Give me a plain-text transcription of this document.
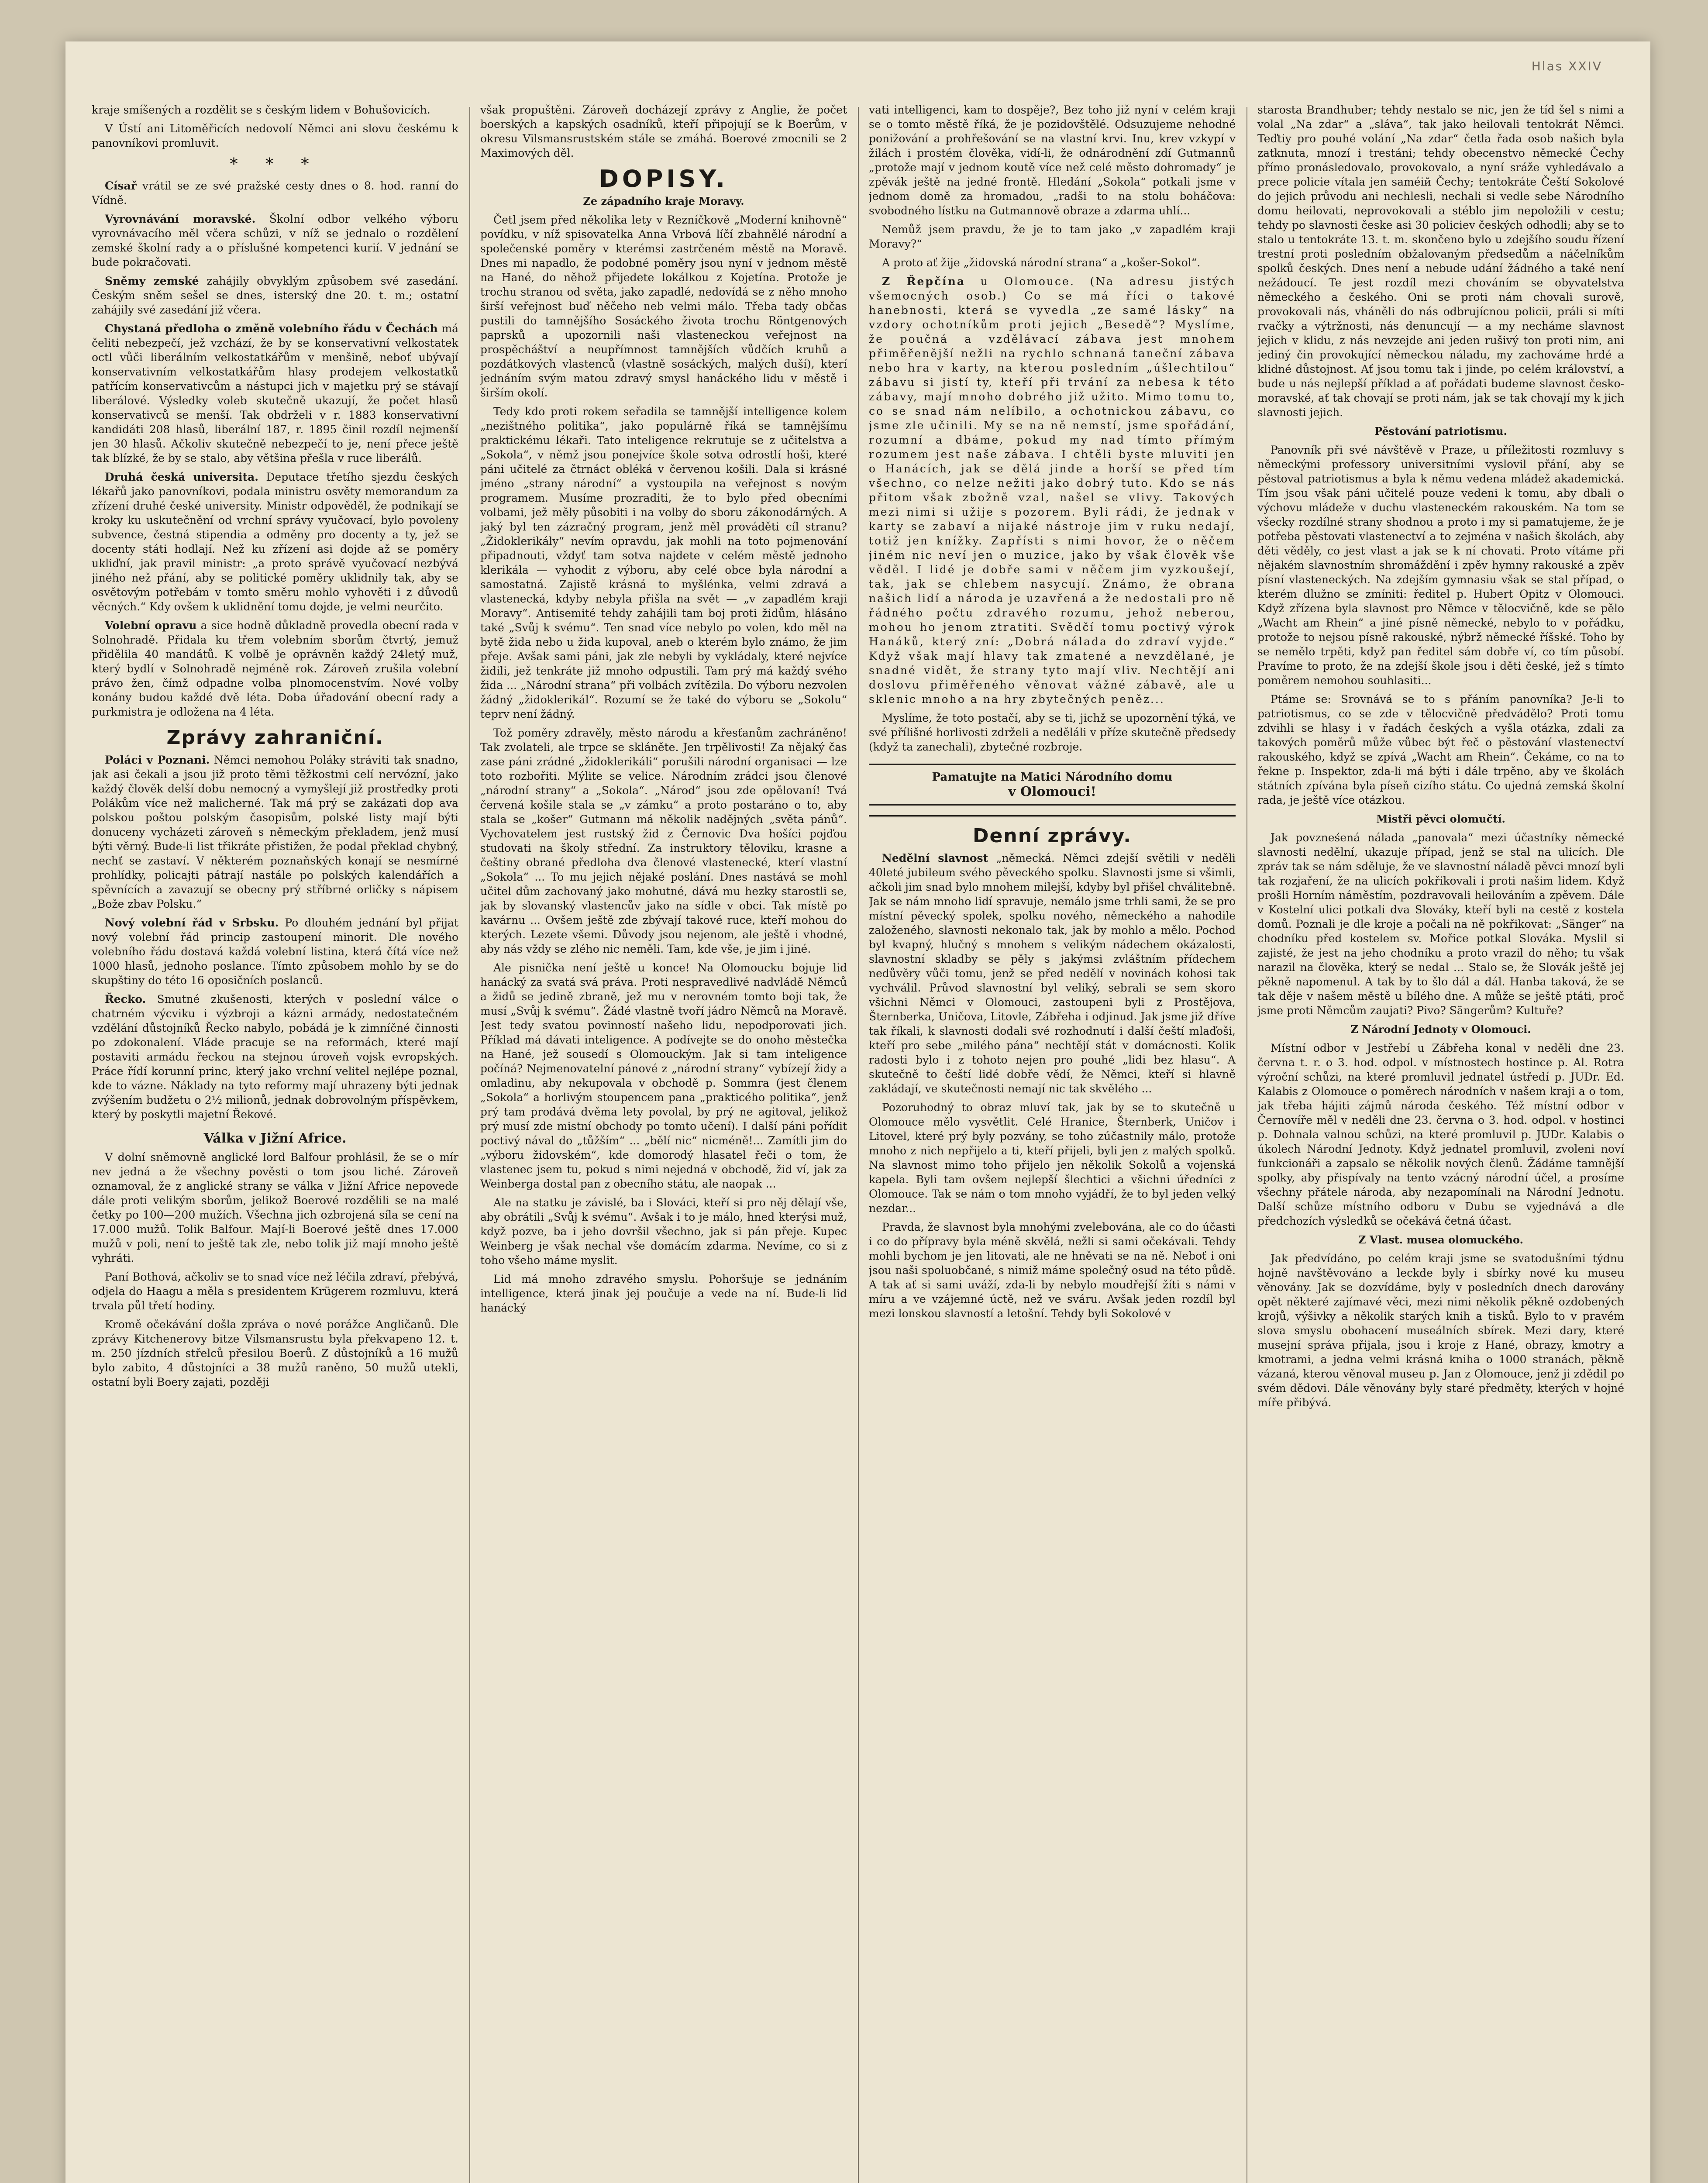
Hlas XXIV

kraje smíšených a rozdělit se s českým lidem v Bohušovicích.

V Ústí ani Litoměřicích nedovolí Němci ani slovu českému k panovníkovi promluvit.

* * *

Císař vrátil se ze své pražské cesty dnes o 8. hod. ranní do Vídně.

Vyrovnávání moravské. Školní odbor velkého výboru vyrovnávacího měl včera schůzi, v níž se jednalo o rozdělení zemské školní rady a o příslušné kompetenci kurií. V jednání se bude pokračovati.

Sněmy zemské zahájily obvyklým způsobem své zasedání. Českým sněm sešel se dnes, isterský dne 20. t. m.; ostatní zahájily své zasedání již včera.

Chystaná předloha o změně volebního řádu v Čechách má čeliti nebezpečí, jež vzchází, že by se konservativní velkostatek octl vůči liberálním velkostatkářům v menšině, neboť ubývají konservativním velkostatkářům hlasy prodejem velkostatků patřícím konservativcům a nástupci jich v majetku prý se stávají liberálové. Výsledky voleb skutečně ukazují, že počet hlasů konservativců se menší. Tak obdrželi v r. 1883 konservativní kandidáti 208 hlasů, liberální 187, r. 1895 činil rozdíl nejmenší jen 30 hlasů. Ačkoliv skutečně nebezpečí to je, není přece ještě tak blízké, že by se stalo, aby většina přešla v ruce liberálů.

Druhá česká universita. Deputace třetího sjezdu českých lékařů jako panovníkovi, podala ministru osvěty memorandum za zřízení druhé české university. Ministr odpověděl, že podnikají se kroky ku uskutečnění od vrchní správy vyučovací, bylo povoleny subvence, čestná stipendia a odměny pro docenty a ty, jež se docenty státi hodlají. Než ku zřízení asi dojde až se poměry ukliďní, jak pravil ministr: „a proto správě vyučovací nezbývá jiného než přání, aby se politické poměry uklidnily tak, aby se osvětovým potřebám v tomto směru mohlo vyhověti i z důvodů věcných.“ Kdy ovšem k uklidnění tomu dojde, je velmi neurčito.

Volební opravu a sice hodně důkladně provedla obecní rada v Solnohradě. Přidala ku třem volebním sborům čtvrtý, jemuž přidělila 40 mandátů. K volbě je oprávněn každý 24letý muž, který bydlí v Solnohradě nejméně rok. Zároveň zrušila volební právo žen, čímž odpadne volba plnomocenstvím. Nové volby konány budou každé dvě léta. Doba úřadování obecní rady a purkmistra je odložena na 4 léta.

Zprávy zahraniční.

Poláci v Poznani. Němci nemohou Polákу stráviti tak snadno, jak asi čekali a jsou již proto těmi těžkostmi celí nervózní, jako každý člověk delší dobu nemocný a vymyšlejí již prostředky proti Polákům více než malicherné. Tak má prý se zakázati dop ava polskou poštou polským časopisům, polské listy mají býti donuceny vycházeti zároveň s německým překladem, jenž musí býti věrný. Bude-li list třikráte přistižen, že podal překlad chybný, nechť se zastaví. V některém poznaňských konají se nesmírné prohlídky, policajti pátrají nastále po polských kalendářích a spěvnících a zavazují se obecny prý stříbrné orličky s nápisem „Bože zbav Polsku.“

Nový volební řád v Srbsku. Po dlouhém jednání byl přijat nový volební řád princip zastoupení minorit. Dle nového volebního řádu dostavá každá volební listina, která čítá více než 1000 hlasů, jednoho poslance. Tímto způsobem mohlo by se do skupštiny do této 16 oposičních poslanců.

Řecko. Smutné zkušenosti, kterých v poslední válce o chatrném výcviku i výzbroji a kázni armády, nedostatečném vzdělání důstojníků Řecko nabylo, pobádá je k zimníčné činnosti po zdokonalení. Vláde pracuje se na reformách, které mají postaviti armádu řeckou na stejnou úroveň vojsk evropských. Práce řídí korunní princ, který jako vrchní velitel nejlépe poznal, kde to vázne. Náklady na tyto reformy mají uhrazeny býti jednak zvýšením budžetu o 2½ milionů, jednak dobrovolným příspěvkem, který by poskytli majetní Řekové.

Válka v Jižní Africe.

V dolní sněmovně anglické lord Balfour prohlásil, že se o mír nev jedná a že všechny pověsti o tom jsou liché. Zároveň oznamoval, že z anglické strany se válka v Jižní Africe nepovede dále proti velikým sborům, jelikož Boerové rozdělili se na malé četky po 100—200 mužích. Všechna jich ozbrojená síla se cení na 17.000 mužů. Tolik Balfour. Mají-li Boerové ještě dnes 17.000 mužů v poli, není to ještě tak zle, nebo tolik již mají mnoho ještě vyhráti.

Paní Bothová, ačkoliv se to snad více než léčila zdraví, přebývá, odjela do Haagu a měla s presidentem Krügerem rozmluvu, která trvala půl třetí hodiny.

Kromě očekávání došla zpráva o nové porážce Angličanů. Dle zprávy Kitchenerovy bitze Vilsmansrustu byla překvapeno 12. t. m. 250 jízdních střelců přesilou Boerů. Z důstojníků a 16 mužů bylo zabito, 4 důstojníci a 38 mužů raněno, 50 mužů utekli, ostatní byli Boery zajati, později

však propuštěni. Zároveň docházejí zprávy z Anglie, že počet boerských a kapských osadníků, kteří připojují se k Boerům, v okresu Vilsmansrustském stále se zmáhá. Boerové zmocnili se 2 Maximových děl.

DOPISY.
Ze západního kraje Moravy.

Četl jsem před několika lety v Rezníčkově „Moderní knihovně“ povídku, v níž spisovatelka Anna Vrbová líčí zbahnělé národní a společenské poměry v kterémsi zastrčeném městě na Moravě. Dnes mi napadlo, že podobné poměry jsou nyní v jednom městě na Hané, do něhož přijedete lokálkou z Kojetína. Protože je trochu stranou od světa, jako zapadlé, nedovídá se z něho mnoho širší veřejnost buď něčeho neb velmi málo. Třeba tady občas pustili do tamnějšího Sosáckého života trochu Röntgenových paprsků a upozornili naši vlasteneckou veřejnost na prospěcháštví a neupřímnost tamnějších vůdčích kruhů a pozdátkových vlastenců (vlastně sosáckých, malých duší), kterí jednáním svým matou zdravý smysl hanáckého lidu v městě i širším okolí.

Tedy kdo proti rokem seřadila se tamnější intelligence kolem „nezištného politika“, jako populárně říká se tamnějšímu praktickému lékaři. Tato inteligence rekrutuje se z učitelstva a „Sokola“, v němž jsou ponejvíce škole sotva odrostlí hoši, které páni učitelé za čtrnáct obléká v červenou košili. Dala si krásné jméno „strany národní“ a vystoupila na veřejnost s novým programem. Musíme prozraditi, že to bylo před obecními volbami, jež měly působiti i na volby do sboru zákonodárných. A jaký byl ten zázračný program, jenž měl prováděti cíl stranu? „Židoklerikály“ nevím opravdu, jak mohli na toto pojmenování připadnouti, vždyť tam sotva najdete v celém městě jednoho klerikála — vyhodit z výboru, aby celé obce byla národní a samostatná. Zajistě krásná to myšlénka, velmi zdravá a vlastenecká, kdyby nebyla přišla na svět — „v zapadlém kraji Moravy“. Antisemité tehdy zahájili tam boj proti židům, hlásáno také „Svůj k svému“. Ten snad více nebylo po volen, kdo měl na bytě žida nebo u žida kupoval, aneb o kterém bylo známo, že jim přeje. Avšak sami páni, jak zle nebyli by vykládaly, které nejvíce židili, jež tenkráte již mnoho odpustili. Tam prý má každý svého žida ... „Národní strana“ při volbách zvítězila. Do výboru nezvolen žádný „židoklerikál“. Rozumí se že také do výboru se „Sokolu“ teprv není žádný.

Tož poměry zdravěly, město národu a křesťanům zachráněno! Tak zvolateli, ale trpce se skláněte. Jen trpělivosti! Za nějaký čas zase páni zrádné „židoklerikáli“ porušili národní organisaci — lze toto rozbořiti. Mýlite se velice. Národním zrádci jsou členové „národní strany“ a „Sokola“. „Národ“ jsou zde opělovaní! Tvá červená košile stala se „v zámku“ a proto postaráno o to, aby stala se „košer“ Gutmann má několik nadějných „světa pánů“. Vychovatelem jest rustský žid z Černovic Dva hošíci pojďou studovati na školy střední. Za instruktory těloviku, krasne a češtiny obrané předloha dva členové vlastenecké, kterí vlastní „Sokola“ ... To mu jejich nějaké poslání. Dnes nastává se mohl učitel dům zachovaný jako mohutné, dává mu hezky starostli se, jak by slovanský vlastencův jako na sídle v obci. Tak místě po kavárnu ... Ovšem ještě zde zbývají takové ruce, kteří mohou do kterých. Lezete všemi. Důvody jsou nejenom, ale ještě i vhodné, aby nás vždy se zlého nic neměli. Tam, kde vše, je jim i jiné.

Ale pisnička není ještě u konce! Na Olomoucku bojuje lid hanácký za svatá svá práva. Proti nespravedlivé nadvládě Němců a židů se jedině zbraně, jež mu v nerovném tomto boji tak, že musí „Svůj k svému“. Žádé vlastně tvoří jádro Němců na Moravě. Jest tedy svatou povinností našeho lidu, nepodporovati jich. Příklad má dávati inteligence. A podívejte se do onoho městečka na Hané, jež sousedí s Olomouckým. Jak si tam inteligence počíná? Nejmenovatelní pánové z „národní strany“ vybízejí židy a omladinu, aby nekupovala v obchodě p. Sommra (jest členem „Sokola“ a horlivým stoupencem pana „prakticého politika“, jenž prý tam prodává dvěma lety povolal, by prý ne agitoval, jelikož prý musí zde mistní obchody po tomto učení). I další páni pořídit poctivý nával do „tůžším“ ... „bělí nic“ nicméně!... Zamítli jim do „výboru židovském“, kde domorodý hlasatel řeči o tom, že vlastenec jsem tu, pokud s nimi nejedná v obchodě, žid ví, jak za Weinberga dostal pan z obecního státu, ale naopak ...

Ale na statku je závislé, ba i Slováci, kteří si pro něj dělají vše, aby obrátili „Svůj k svému“. Avšak i to je málo, hned kterýsi muž, když pozve, ba i jeho dovršil všechno, jak si pán přeje. Kupec Weinberg je však nechal vše domácím zdarma. Nevíme, co si z toho všeho máme myslit.

Lid má mnoho zdravého smyslu. Pohoršuje se jednáním intelligence, která jinak jej poučuje a vede na ní. Bude-li lid hanácký

vati intelligenci, kam to dospěje?, Bez toho již nyní v celém kraji se o tomto městě říká, že je pozidovštělé. Odsuzujeme nehodné ponižování a prohřešování se na vlastní krvi. Inu, krev vzkypí v žilách i prostém člověka, vidí-li, že odnárodnění zdí Gutmannů „protože mají v jednom koutě více než celé město dohromady“ je zpěvák ještě na jedné frontě. Hledání „Sokola“ potkali jsme v jednom domě za hromadou, „radši to na stolu boháčova: svobodného lístku na Gutmannově obraze a zdarma uhlí...

Nemůž jsem pravdu, že je to tam jako „v zapadlém kraji Moravy?“

A proto ať žije „židovská národní strana“ a „košer-Sokol“.

Z Řepčína u Olomouce. (Na adresu jistých všemocných osob.) Co se má říci o takové hanebnosti, která se vyvedla „ze samé lásky“ na vzdory ochotníkům proti jejich „Besedě“? Myslíme, že poučná a vzdělávací zábava jest mnohem přiměřenější nežli na rychlo schnaná taneční zábava nebo hra v karty, na kterou posledním „úšlechtilou“ zábavu si jistí ty, kteří při trvání za nebesa k této zábavy, mají mnoho dobrého již užito. Mimo tomu to, co se snad nám nelíbilo, a ochotnickou zábavu, co jsme zle učinili. My se na ně nemstí, jsme spořádání, rozumní a dbáme, pokud my nad tímto přímým rozumem jest naše zábava. I chtěli byste mluviti jen o Hanácích, jak se dělá jinde a horší se před tím všechno, co nelze nežiti jako dobrý tuto. Kdo se nás přitom však zbožně vzal, našel se vlivy. Takových mezi nimi si užije s pozorem. Byli rádi, že jednak v karty se zabaví a nijaké nástroje jim v ruku nedají, totiž jen knížky. Zapřísti s nimi hovor, že o něčem jiném nic neví jen o muzice, jako by však člověk vše věděl. I lidé je dobře sami v něčem jim vyzkoušejí, tak, jak se chlebem nasycují. Známo, že obrana našich lidí a národa je uzavřená a že nedostali pro ně řádného počtu zdravého rozumu, jehož neberou, mohou ho jenom ztratiti. Svědčí tomu poctivý výrok Hanáků, který zní: „Dobrá nálada do zdraví vyjde.“ Když však mají hlavy tak zmatené a nevzdělané, je snadné vidět, že strany tyto mají vliv. Nechtějí ani doslovu přiměřeného věnovat vážné zábavě, ale u sklenic mnoho a na hry zbytečných peněz...

Myslíme, že toto postačí, aby se ti, jichž se upozornění týká, ve své přílišné horlivosti zdrželi a neděláli v příze skutečně předsedy (když ta zanechali), zbytečné rozbroje.

Pamatujte na Matici Národního domu
v Olomouci!
Denní zprávy.

Nedělní slavnost „německá. Němci zdejší světili v neděli 40leté jubileum svého pěveckého spolku. Slavnosti jsme si všimli, ačkoli jim snad bylo mnohem milejší, kdyby byl přišel chválitebně. Jak se nám mnoho lidí spravuje, nemálo jsme trhli sami, že se pro místní pěvecký spolek, spolku nového, německého a nahodile založeného, slavnosti nekonalo tak, jak by mohlo a mělo. Pochod byl kvapný, hlučný s mnohem s velikým nádechem okázalosti, slavnostní skladby se pěly s jakýmsi zvláštním přídechem nedůvěry vůči tomu, jenž se před nedělí v novinách kohosi tak vychválil. Průvod slavnostní byl veliký, sebrali se sem skoro všichni Němci v Olomouci, zastoupeni byli z Prostějova, Šternberka, Uničova, Litovle, Zábřeha i odjinud. Jak jsme již dříve tak říkali, k slavnosti dodali své rozhodnutí i další čeští mlaďoši, kteří pro sebe „milého pána“ nechtějí stát v domácnosti. Kolik radosti bylo i z tohoto nejen pro pouhé „lidi bez hlasu“. A skutečně to čeští lidé dobře vědí, že Němci, kteří si hlavně zakládají, ve skutečnosti nemají nic tak skvělého ...

Pozoruhodný to obraz mluví tak, jak by se to skutečně u Olomouce mělo vysvětlit. Celé Hranice, Šternberk, Uničov i Litovel, které prý byly pozvány, se toho zúčastnily málo, protože mnoho z nich nepřijelo a ti, kteří přijeli, byli jen z malých spolků. Na slavnost mimo toho přijelo jen několik Sokolů a vojenská kapela. Byli tam ovšem nejlepší šlechtici a všichni úředníci z Olomouce. Tak se nám o tom mnoho vyjádří, že to byl jeden velký nezdar...

Pravda, že slavnost byla mnohými zvelebována, ale co do účasti i co do přípravy byla méně skvělá, nežli si sami očekávali. Tehdy mohli bychom je jen litovati, ale ne hněvati se na ně. Neboť i oni jsou naši spoluobčané, s nimiž máme společný osud na této půdě. A tak ať si sami uváží, zda-li by nebylo moudřejší žíti s námi v míru a ve vzájemné úctě, než ve sváru. Avšak jeden rozdíl byl mezi lonskou slavností a letošní. Tehdy byli Sokolové v

starosta Brandhuber; tehdy nestalo se nic, jen že tíd šel s nimi a volal „Na zdar“ a „sláva“, tak jako heilovali tentokrát Němci. Teďtiy pro pouhé volání „Na zdar“ četla řada osob našich byla zatknuta, mnozí i trestáni; tehdy obecenstvo německé Čechy přímo pronásledovalo, provokovalo, a nyní sráže vyhledávalo a prece policie vítala jen saméiй Čechy; tentokráte Čeští Sokolové do jejich průvodu ani nechlesli, nechali si vedle sebe Národního domu heilovati, neprovokovali a stéblo jim nepoložili v cestu; tehdy po slavnosti česke asi 30 policiev českých odhodli; aby se to stalo u tentokráte 13. t. m. skončeno bylo u zdejšího soudu řízení trestní proti posledním obžalovaným předsedům a náčelníkům spolků českých. Dnes není a nebude udání žádného a také není nežádoucí. Te jest rozdíl mezi chováním se obyvatelstva německého a českého. Oni se proti nám chovali surově, provokovali nás, vháněli do nás odbrujícnou policii, práli si míti rvačky a výtržnosti, nás denuncují — a my necháme slavnost jejich v klidu, z nás nevzejde ani jeden rušivý ton proti nim, ani jediný čin provokující německou náladu, my zachováme hrdé a klidné důstojnost. Ať jsou tomu tak i jinde, po celém království, a bude u nás nejlepší příklad a ať pořádati budeme slavnost česko-moravské, ať tak chovají se proti nám, jak se tak chovají my k jich slavnosti jejich.

Pěstování patriotismu.

Panovník při své návštěvě v Praze, u příležitosti rozmluvy s německými professory universitními vyslovil přání, aby se pěstoval patriotismus a byla k němu vedena mládež akademická. Tím jsou však páni učitelé pouze vedeni k tomu, aby dbali o výchovu mládeže v duchu vlasteneckém rakouském. Na tom se všecky rozdílné strany shodnou a proto i my si pamatujeme, že je potřeba pěstovati vlastenectví a to zejména v našich školách, aby děti věděly, co jest vlast a jak se k ní chovati. Proto vítáme při nějakém slavnostním shromáždění i zpěv hymny rakouské a zpěv písní vlasteneckých. Na zdejším gymnasiu však se stal případ, o kterém dlužno se zmíniti: ředitel p. Hubert Opitz v Olomouci. Když zřízena byla slavnost pro Němce v tělocvičně, kde se pělo „Wacht am Rhein“ a jiné písně německé, nebylo to v pořádku, protože to nejsou písně rakouské, nýbrž německé říšské. Toho by se nemělo trpěti, když pan ředitel sám dobře ví, co tím působí. Pravíme to proto, že na zdejší škole jsou i děti české, jež s tímto poměrem nemohou souhlasiti...

Ptáme se: Srovnává se to s přáním panovníka? Je-li to patriotismus, co se zde v tělocvičně předvádělo? Proti tomu zdvihli se hlasy i v řadách českých a vyšla otázka, zdali za takových poměrů může vůbec být řeč o pěstování vlastenectví rakouského, když se zpívá „Wacht am Rhein“. Čekáme, co na to řekne p. Inspektor, zda-li má býti i dále trpěno, aby ve školách státních zpívána byla píseň cizího státu. Co ujedná zemská školní rada, je ještě více otázkou.

Mistři pěvci olomučtí.

Jak povzneśená nálada „panovala“ mezi účastníky německé slavnosti nedělní, ukazuje případ, jenž se stal na ulicích. Dle zpráv tak se nám sděluje, že ve slavnostní náladě pěvci mnozí byli tak rozjaření, že na ulicích pokřikovali i proti našim lidem. Když prošli Horním náměstím, pozdravovali heilováním a zpěvem. Dále v Kostelní ulici potkali dva Slováky, kteří byli na cestě z kostela domů. Poznali je dle kroje a počali na ně pokřikovat: „Sänger“ na chodníku před kostelem sv. Mořice potkal Slováka. Myslil si zajisté, že jest na jeho chodníku a proto vrazil do něho; tu však narazil na člověka, který se nedal ... Stalo se, že Slovák ještě jej pěkně napomenul. A tak by to šlo dál a dál. Hanba taková, že se tak děje v našem městě u bílého dne. A může se ještě ptáti, proč jsme proti Němcům zaujati? Pivo? Sängerům? Kultuře?

Z Národní Jednoty v Olomouci.

Místní odbor v Jestřebí u Zábřeha konal v neděli dne 23. června t. r. o 3. hod. odpol. v místnostech hostince p. Al. Rotra výroční schůzi, na které promluvil jednatel ústředí p. JUDr. Ed. Kalabis z Olomouce o poměrech národních v našem kraji a o tom, jak třeba hájiti zájmů národa českého. Též místní odbor v Černovíře měl v neděli dne 23. června o 3. hod. odpol. v hostinci p. Dohnala valnou schůzi, na které promluvil p. JUDr. Kalabis o úkolech Národní Jednoty. Když jednatel promluvil, zvoleni noví funkcionáři a zapsalo se několik nových členů. Žádáme tamnější spolky, aby přispívaly na tento vzácný národní účel, a prosíme všechny přátele národa, aby nezapomínali na Národní Jednotu. Další schůze místního odboru v Dubu se vyjednává a dle předchozích výsledků se očekává četná účast.

Z Vlast. musea olomuckého.

Jak předvídáno, po celém kraji jsme se svatodušními týdnu hojně navštěvováno a leckde byly i sbírky nové ku museu věnovány. Jak se dozvídáme, byly v posledních dnech darovány opět některé zajímavé věci, mezi nimi několik pěkně ozdobených krojů, výšivky a několik starých knih a tisků. Bylo to v pravém slova smyslu obohacení museálních sbírek. Mezi dary, které musejní správa přijala, jsou i kroje z Hané, obrazy, kmotry a kmotrami, a jedna velmi krásná kniha o 1000 stranách, pěkně vázaná, kterou věnoval museu p. Jan z Olomouce, jenž ji zdědil po svém dědovi. Dále věnovány byly staré předměty, kterých v hojné míře přibývá.
